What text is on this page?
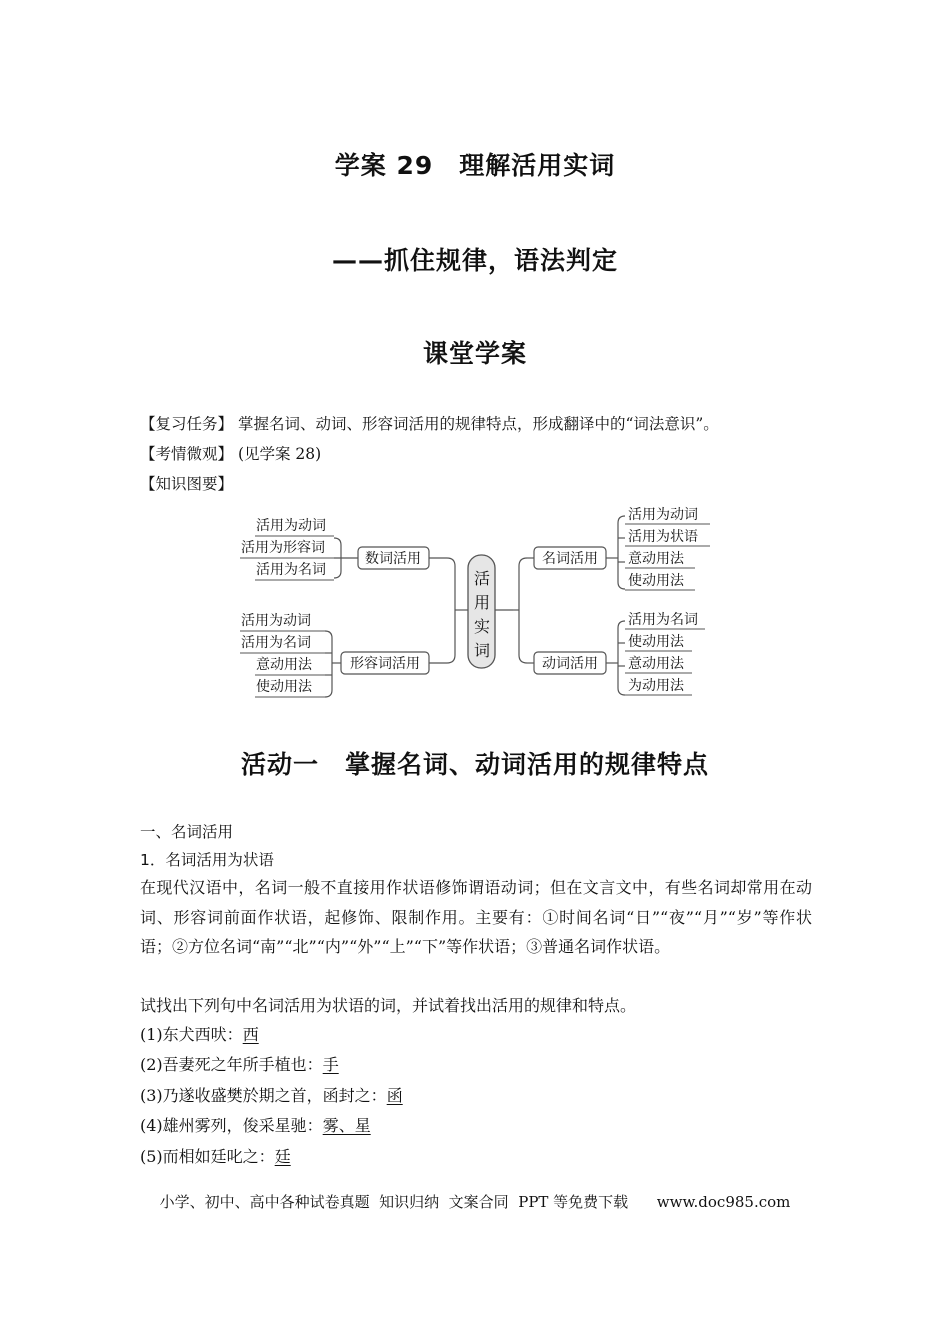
学案 29　理解活用实词
——抓住规律，语法判定
课堂学案
【复习任务】 掌握名词、动词、形容词活用的规律特点，形成翻译中的“词法意识”。
【考情微观】 (见学案 28)
【知识图要】
活
用
实
词
数词活用
形容词活用
名词活用
动词活用
活用为动词
活用为形容词
活用为名词
活用为动词
活用为名词
意动用法
使动用法
活用为动词
活用为状语
意动用法
使动用法
活用为名词
使动用法
意动用法
为动用法
活动一　掌握名词、动词活用的规律特点
一、名词活用
1．名词活用为状语
在现代汉语中，名词一般不直接用作状语修饰谓语动词；但在文言文中，有些名词却常用在动词、形容词前面作状语，起修饰、限制作用。主要有：①时间名词“日”“夜”“月”“岁”等作状语；②方位名词“南”“北”“内”“外”“上”“下”等作状语；③普通名词作状语。
试找出下列句中名词活用为状语的词，并试着找出活用的规律和特点。
(1)东犬西吠：西
(2)吾妻死之年所手植也：手
(3)乃遂收盛樊於期之首，函封之：函
(4)雄州雾列，俊采星驰：雾、星
(5)而相如廷叱之：廷
小学、初中、高中各种试卷真题  知识归纳  文案合同  PPT 等免费下载      www.doc985.com
